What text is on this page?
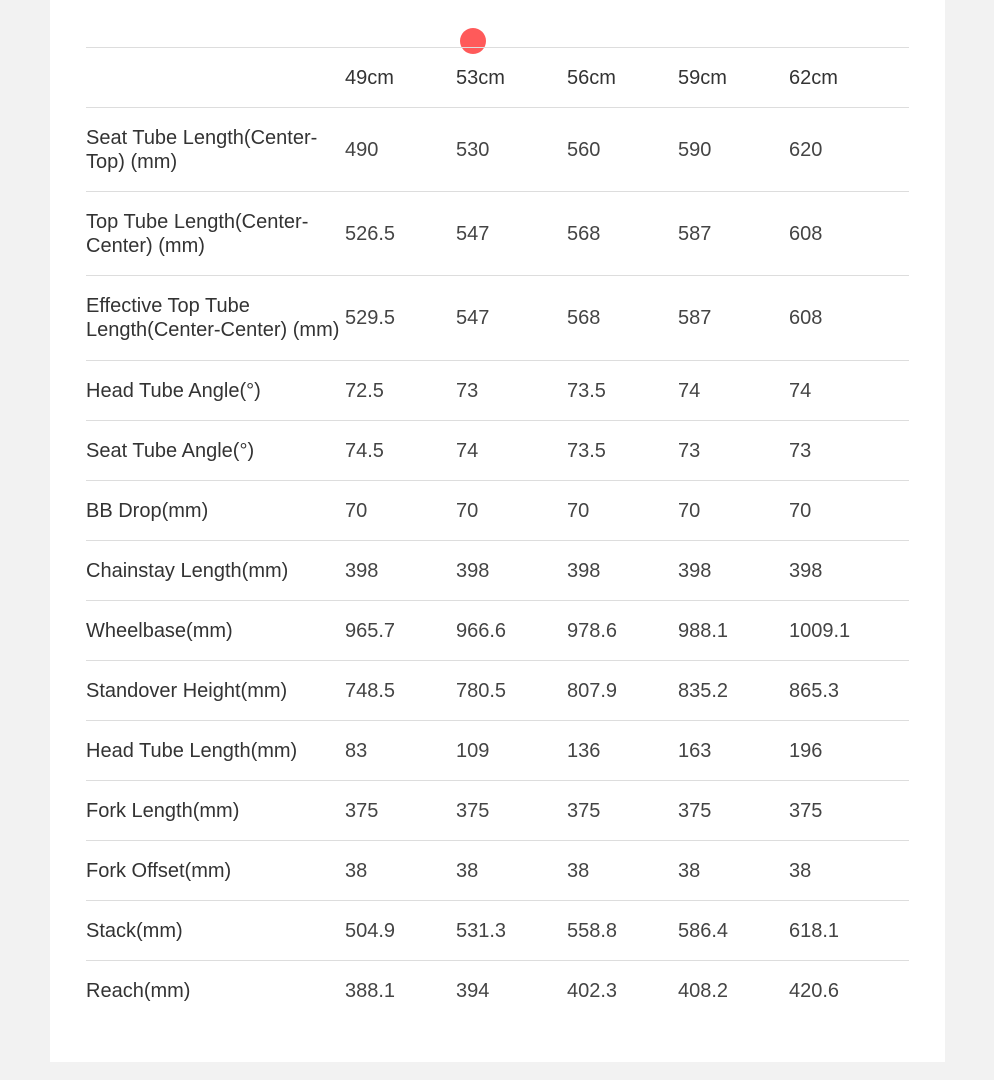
	49cm	53cm	56cm	59cm	62cm
Seat Tube Length(Center-Top) (mm)	490	530	560	590	620
Top Tube Length(Center-Center) (mm)	526.5	547	568	587	608
Effective Top Tube Length(Center-Center) (mm)	529.5	547	568	587	608
Head Tube Angle(°)	72.5	73	73.5	74	74
Seat Tube Angle(°)	74.5	74	73.5	73	73
BB Drop(mm)	70	70	70	70	70
Chainstay Length(mm)	398	398	398	398	398
Wheelbase(mm)	965.7	966.6	978.6	988.1	1009.1
Standover Height(mm)	748.5	780.5	807.9	835.2	865.3
Head Tube Length(mm)	83	109	136	163	196
Fork Length(mm)	375	375	375	375	375
Fork Offset(mm)	38	38	38	38	38
Stack(mm)	504.9	531.3	558.8	586.4	618.1
Reach(mm)	388.1	394	402.3	408.2	420.6
